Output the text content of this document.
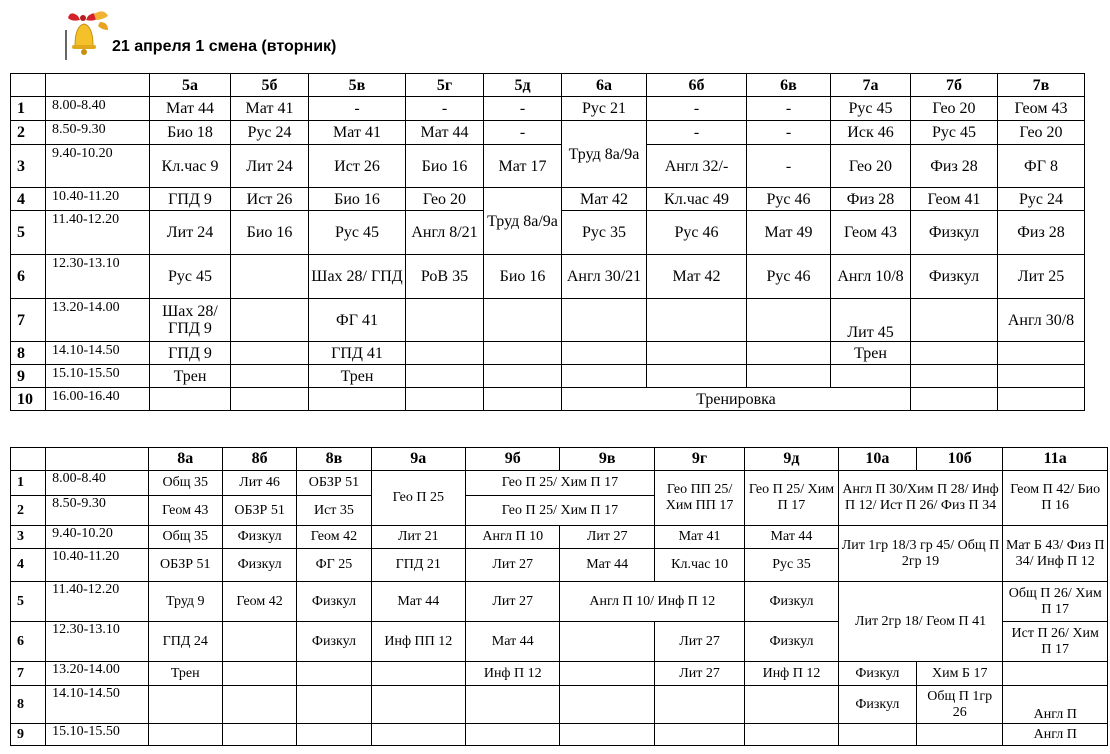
21 апреля 1 смена (вторник)
		5а	5б	5в	5г	5д	6а	6б	6в	7а	7б	7в
1	8.00-8.40	Мат 44	Мат 41	-	-	-	Рус 21	-	-	Рус 45	Гео 20	Геом 43
2	8.50-9.30	Био 18	Рус 24	Мат 41	Мат 44	-	Труд 8а/9а	-	-	Иск 46	Рус 45	Гео 20
3	9.40-10.20	Кл.час 9	Лит 24	Ист 26	Био 16	Мат 17		Англ 32/-	-	Гео 20	Физ 28	ФГ 8
4	10.40-11.20	ГПД 9	Ист 26	Био 16	Гео 20	Труд 8а/9а	Мат 42	Кл.час 49	Рус 46	Физ 28	Геом 41	Рус 24
5	11.40-12.20	Лит 24	Био 16	Рус 45	Англ 8/21		Рус 35	Рус 46	Мат 49	Геом 43	Физкул	Физ 28
6	12.30-13.10	Рус 45		Шах 28/ ГПД	РоВ 35	Био 16	Англ 30/21	Мат 42	Рус 46	Англ 10/8	Физкул	Лит 25
7	13.20-14.00	Шах 28/ ГПД 9		ФГ 41						Лит 45		Англ 30/8
8	14.10-14.50	ГПД 9		ГПД 41						Трен		
9	15.10-15.50	Трен		Трен								
10	16.00-16.40						Тренировка					
		8а	8б	8в	9а	9б	9в	9г	9д	10а	10б	11а
1	8.00-8.40	Общ 35	Лит 46	ОБЗР 51	Гео П 25	Гео П 25/ Хим П 17		Гео ПП 25/ Хим ПП 17	Гео П 25/ Хим П 17	Англ П 30/Хим П 28/ Инф П 12/ Ист П 26/ Физ П 34		Геом П 42/ Био П 16
2	8.50-9.30	Геом 43	ОБЗР 51	Ист 35		Гео П 25/ Хим П 17						
3	9.40-10.20	Общ 35	Физкул	Геом 42	Лит 21	Англ П 10	Лит 27	Мат 41	Мат 44	Лит 1гр 18/3 гр 45/ Общ П 2гр 19		Мат Б 43/ Физ П 34/ Инф П 12
4	10.40-11.20	ОБЗР 51	Физкул	ФГ 25	ГПД 21	Лит 27	Мат 44	Кл.час 10	Рус 35			
5	11.40-12.20	Труд 9	Геом 42	Физкул	Мат 44	Лит 27	Англ П 10/ Инф П 12		Физкул	Лит 2гр 18/ Геом П 41		Общ П 26/ Хим П 17
6	12.30-13.10	ГПД 24		Физкул	Инф ПП 12	Мат 44		Лит 27	Физкул			Ист П 26/ Хим П 17
7	13.20-14.00	Трен				Инф П 12		Лит 27	Инф П 12	Физкул	Хим Б 17	
8	14.10-14.50									Физкул	Общ П 1гр 26	Англ П
9	15.10-15.50											Англ П
